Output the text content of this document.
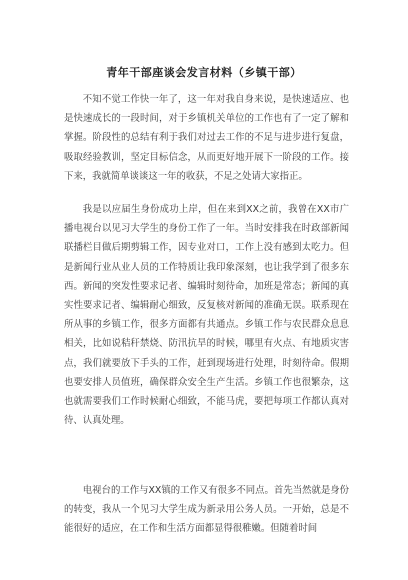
青年干部座谈会发言材料（乡镇干部）
不知不觉工作快一年了，这一年对我自身来说，是快速适应、也是快速成长的一段时间，对于乡镇机关单位的工作也有了一定了解和掌握。阶段性的总结有利于我们对过去工作的不足与进步进行复盘，吸取经验教训，坚定目标信念，从而更好地开展下一阶段的工作。接下来，我就简单谈谈这一年的收获，不足之处请大家指正。
我是以应届生身份成功上岸，但在来到XX之前，我曾在XX市广播电视台以见习大学生的身份工作了一年。当时安排我在时政部新闻联播栏目做后期剪辑工作，因专业对口，工作上没有感到太吃力。但是新闻行业从业人员的工作特质让我印象深刻，也让我学到了很多东西。新闻的突发性要求记者、编辑时刻待命，加班是常态；新闻的真实性要求记者、编辑耐心细致，反复核对新闻的准确无误。联系现在所从事的乡镇工作，很多方面都有共通点。乡镇工作与农民群众息息相关，比如说秸秆禁烧、防汛抗旱的时候，哪里有火点、有地质灾害点，我们就要放下手头的工作，赶到现场进行处理，时刻待命。假期也要安排人员值班，确保群众安全生产生活。乡镇工作也很繁杂，这也就需要我们工作时候耐心细致，不能马虎，要把每项工作都认真对待、认真处理。
电视台的工作与XX镇的工作又有很多不同点。首先当然就是身份的转变，我从一个见习大学生成为新录用公务人员。一开始，总是不能很好的适应，在工作和生活方面都显得很稚嫩。但随着时间
